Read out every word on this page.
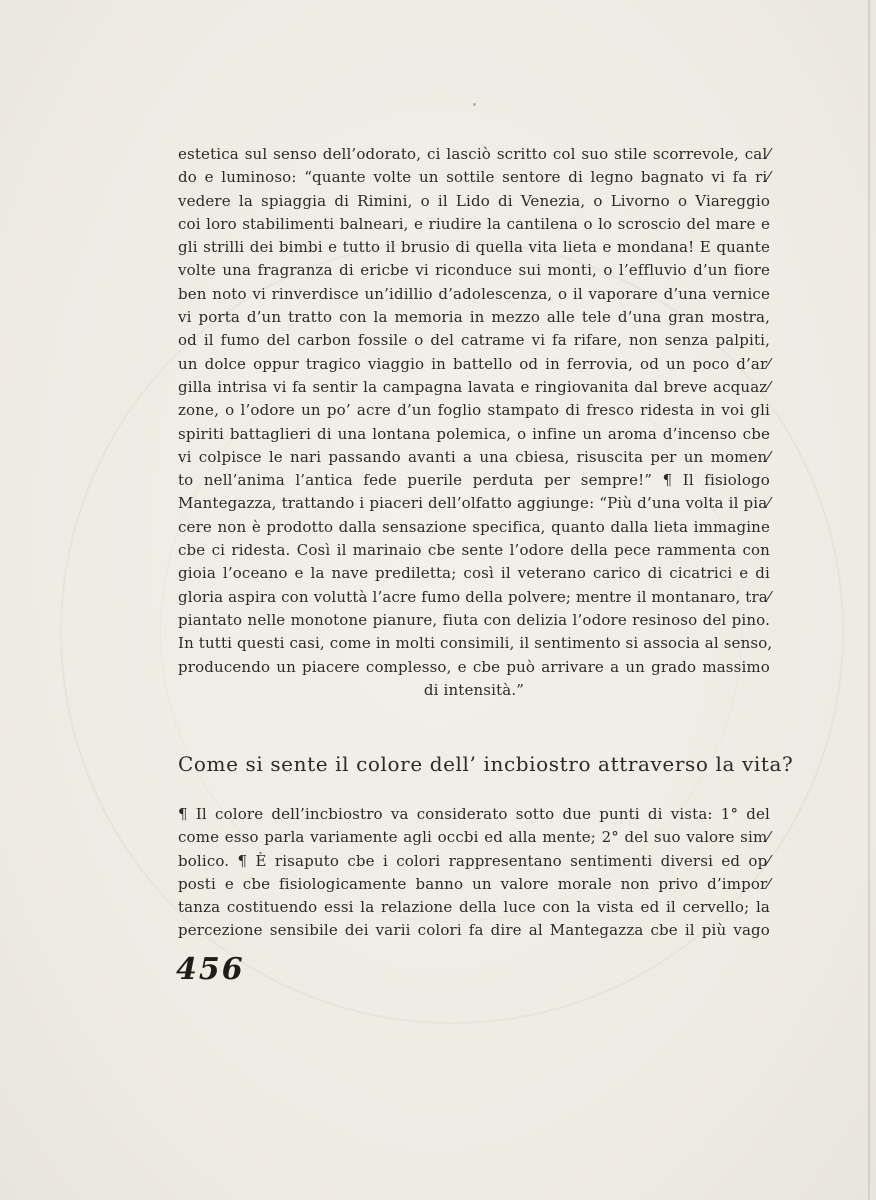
estetica sul senso dell’odorato, ci lasciò scritto col suo stile scorrevole, cal⁄
do e luminoso: “quante volte un sottile sentore di legno bagnato vi fa ri⁄
vedere la spiaggia di Rimini, o il Lido di Venezia, o Livorno o Viareggio
coi loro stabilimenti balneari, e riudire la cantilena o lo scroscio del mare e
gli strilli dei bimbi e tutto il brusio di quella vita lieta e mondana! E quante
volte una fragranza di ericbe vi riconduce sui monti, o l’effluvio d’un fiore
ben noto vi rinverdisce un’idillio d’adolescenza, o il vaporare d’una vernice
vi porta d’un tratto con la memoria in mezzo alle tele d’una gran mostra,
od il fumo del carbon fossile o del catrame vi fa rifare, non senza palpiti,
un dolce oppur tragico viaggio in battello od in ferrovia, od un poco d’ar⁄
gilla intrisa vi fa sentir la campagna lavata e ringiovanita dal breve acquaz⁄
zone, o l’odore un po’ acre d’un foglio stampato di fresco ridesta in voi gli
spiriti battaglieri di una lontana polemica, o infine un aroma d’incenso cbe
vi colpisce le nari passando avanti a una cbiesa, risuscita per un momen⁄
to nell’anima l’antica fede puerile perduta per sempre!” ¶ Il fisiologo
Mantegazza, trattando i piaceri dell’olfatto aggiunge: “Più d’una volta il pia⁄
cere non è prodotto dalla sensazione specifica, quanto dalla lieta immagine
cbe ci ridesta. Così il marinaio cbe sente l’odore della pece rammenta con
gioia l’oceano e la nave prediletta; così il veterano carico di cicatrici e di
gloria aspira con voluttà l’acre fumo della polvere; mentre il montanaro, tra⁄
piantato nelle monotone pianure, fiuta con delizia l’odore resinoso del pino.
In tutti questi casi, come in molti consimili, il sentimento si associa al senso,
producendo un piacere complesso, e cbe può arrivare a un grado massimo
di intensità.”
Come si sente il colore dell’ incbiostro attraverso la vita?
¶ Il colore dell’incbiostro va considerato sotto due punti di vista: 1° del
come esso parla variamente agli occbi ed alla mente; 2° del suo valore sim⁄
bolico. ¶ È risaputo cbe i colori rappresentano sentimenti diversi ed op⁄
posti e cbe fisiologicamente banno un valore morale non privo d’impor⁄
tanza costituendo essi la relazione della luce con la vista ed il cervello; la
percezione sensibile dei varii colori fa dire al Mantegazza cbe il più vago
456
